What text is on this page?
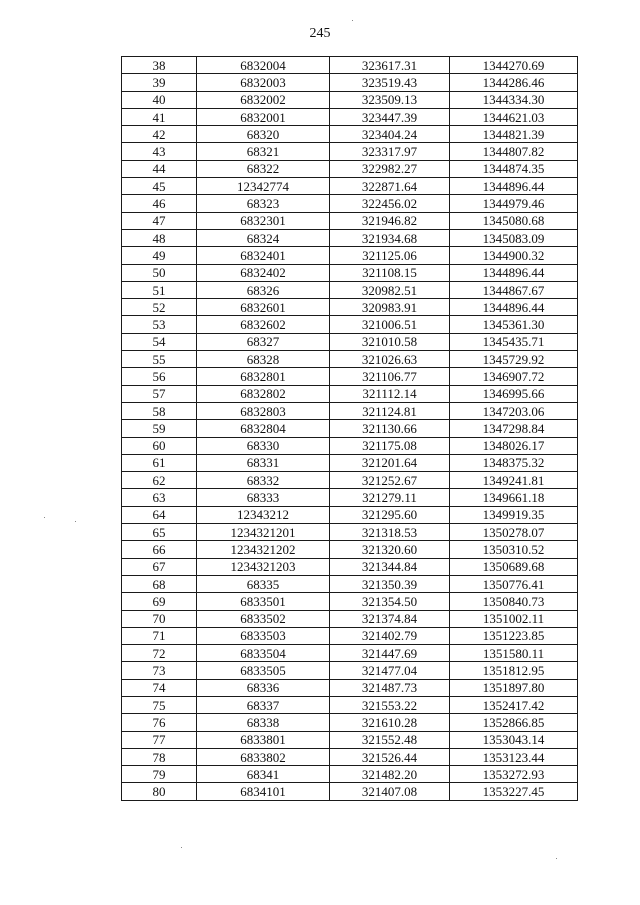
245
38	6832004	323617.31	1344270.69
39	6832003	323519.43	1344286.46
40	6832002	323509.13	1344334.30
41	6832001	323447.39	1344621.03
42	68320	323404.24	1344821.39
43	68321	323317.97	1344807.82
44	68322	322982.27	1344874.35
45	12342774	322871.64	1344896.44
46	68323	322456.02	1344979.46
47	6832301	321946.82	1345080.68
48	68324	321934.68	1345083.09
49	6832401	321125.06	1344900.32
50	6832402	321108.15	1344896.44
51	68326	320982.51	1344867.67
52	6832601	320983.91	1344896.44
53	6832602	321006.51	1345361.30
54	68327	321010.58	1345435.71
55	68328	321026.63	1345729.92
56	6832801	321106.77	1346907.72
57	6832802	321112.14	1346995.66
58	6832803	321124.81	1347203.06
59	6832804	321130.66	1347298.84
60	68330	321175.08	1348026.17
61	68331	321201.64	1348375.32
62	68332	321252.67	1349241.81
63	68333	321279.11	1349661.18
64	12343212	321295.60	1349919.35
65	1234321201	321318.53	1350278.07
66	1234321202	321320.60	1350310.52
67	1234321203	321344.84	1350689.68
68	68335	321350.39	1350776.41
69	6833501	321354.50	1350840.73
70	6833502	321374.84	1351002.11
71	6833503	321402.79	1351223.85
72	6833504	321447.69	1351580.11
73	6833505	321477.04	1351812.95
74	68336	321487.73	1351897.80
75	68337	321553.22	1352417.42
76	68338	321610.28	1352866.85
77	6833801	321552.48	1353043.14
78	6833802	321526.44	1353123.44
79	68341	321482.20	1353272.93
80	6834101	321407.08	1353227.45
